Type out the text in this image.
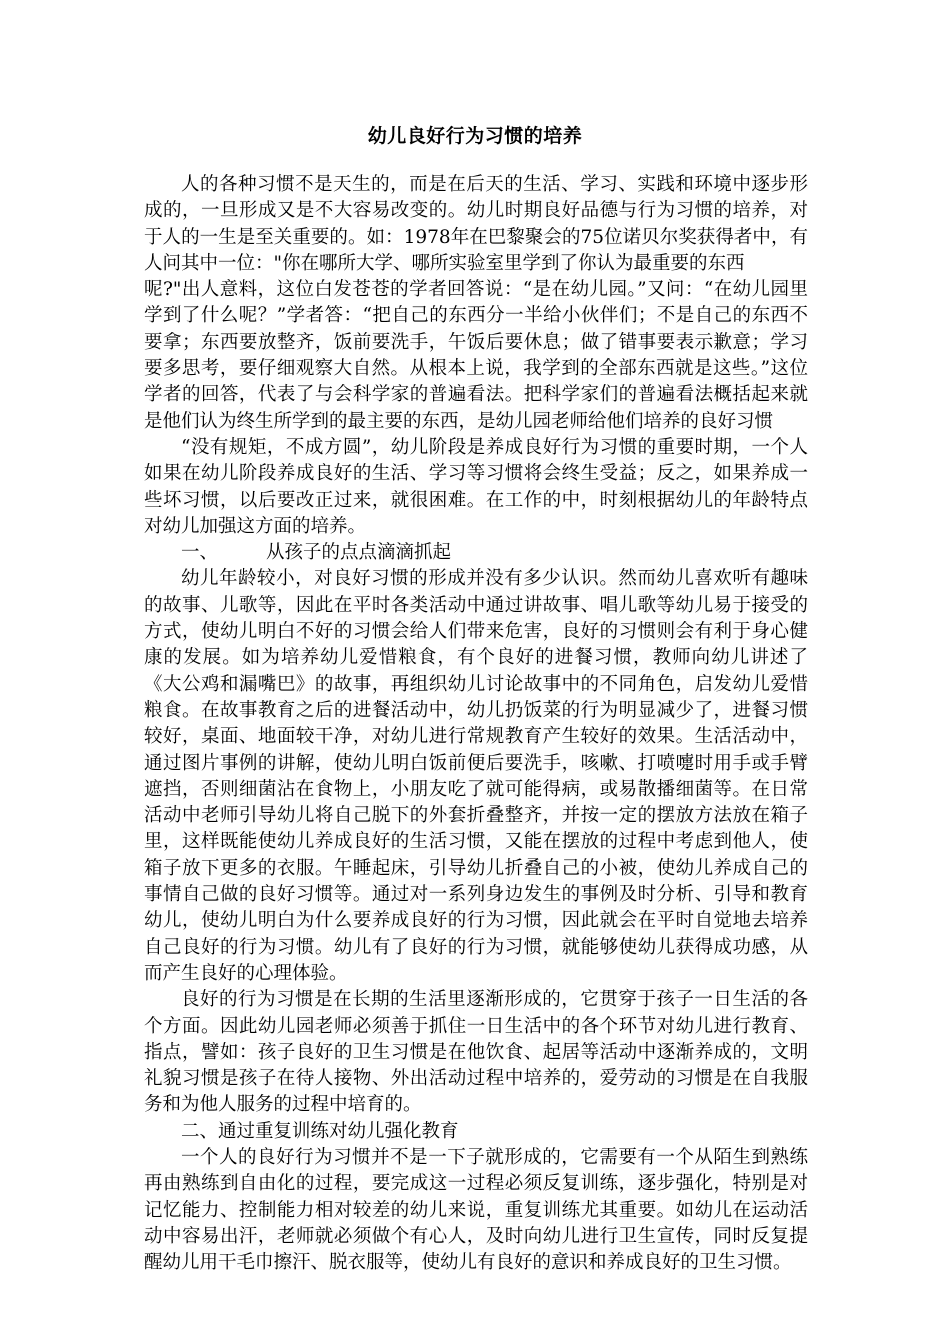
幼儿良好行为习惯的培养

人的各种习惯不是天生的，而是在后天的生活、学习、实践和环境中逐步形成的，一旦形成又是不大容易改变的。幼儿时期良好品德与行为习惯的培养，对于人的一生是至关重要的。如：1978年在巴黎聚会的75位诺贝尔奖获得者中，有人问其中一位："你在哪所大学、哪所实验室里学到了你认为最重要的东西

呢?"出人意料，这位白发苍苍的学者回答说：“是在幼儿园。”又问：“在幼儿园里学到了什么呢？”学者答：“把自己的东西分一半给小伙伴们；不是自己的东西不要拿；东西要放整齐，饭前要洗手，午饭后要休息；做了错事要表示歉意；学习要多思考，要仔细观察大自然。从根本上说，我学到的全部东西就是这些。”这位学者的回答，代表了与会科学家的普遍看法。把科学家们的普遍看法概括起来就是他们认为终生所学到的最主要的东西，是幼儿园老师给他们培养的良好习惯

“没有规矩，不成方圆”，幼儿阶段是养成良好行为习惯的重要时期，一个人如果在幼儿阶段养成良好的生活、学习等习惯将会终生受益；反之，如果养成一些坏习惯，以后要改正过来，就很困难。在工作的中，时刻根据幼儿的年龄特点对幼儿加强这方面的培养。

一、	从孩子的点点滴滴抓起

幼儿年龄较小，对良好习惯的形成并没有多少认识。然而幼儿喜欢听有趣味的故事、儿歌等，因此在平时各类活动中通过讲故事、唱儿歌等幼儿易于接受的方式，使幼儿明白不好的习惯会给人们带来危害，良好的习惯则会有利于身心健康的发展。如为培养幼儿爱惜粮食，有个良好的进餐习惯，教师向幼儿讲述了《大公鸡和漏嘴巴》的故事，再组织幼儿讨论故事中的不同角色，启发幼儿爱惜粮食。在故事教育之后的进餐活动中，幼儿扔饭菜的行为明显减少了，进餐习惯较好，桌面、地面较干净，对幼儿进行常规教育产生较好的效果。生活活动中，通过图片事例的讲解，使幼儿明白饭前便后要洗手，咳嗽、打喷嚏时用手或手臂遮挡，否则细菌沾在食物上，小朋友吃了就可能得病，或易散播细菌等。在日常活动中老师引导幼儿将自己脱下的外套折叠整齐，并按一定的摆放方法放在箱子里，这样既能使幼儿养成良好的生活习惯，又能在摆放的过程中考虑到他人，使箱子放下更多的衣服。午睡起床，引导幼儿折叠自己的小被，使幼儿养成自己的事情自己做的良好习惯等。通过对一系列身边发生的事例及时分析、引导和教育幼儿，使幼儿明白为什么要养成良好的行为习惯，因此就会在平时自觉地去培养自己良好的行为习惯。幼儿有了良好的行为习惯，就能够使幼儿获得成功感，从而产生良好的心理体验。

良好的行为习惯是在长期的生活里逐渐形成的，它贯穿于孩子一日生活的各个方面。因此幼儿园老师必须善于抓住一日生活中的各个环节对幼儿进行教育、指点，譬如：孩子良好的卫生习惯是在他饮食、起居等活动中逐渐养成的，文明礼貌习惯是孩子在待人接物、外出活动过程中培养的，爱劳动的习惯是在自我服务和为他人服务的过程中培育的。

二、通过重复训练对幼儿强化教育

一个人的良好行为习惯并不是一下子就形成的，它需要有一个从陌生到熟练再由熟练到自由化的过程，要完成这一过程必须反复训练，逐步强化，特别是对记忆能力、控制能力相对较差的幼儿来说，重复训练尤其重要。如幼儿在运动活动中容易出汗，老师就必须做个有心人，及时向幼儿进行卫生宣传，同时反复提醒幼儿用干毛巾擦汗、脱衣服等，使幼儿有良好的意识和养成良好的卫生习惯。
